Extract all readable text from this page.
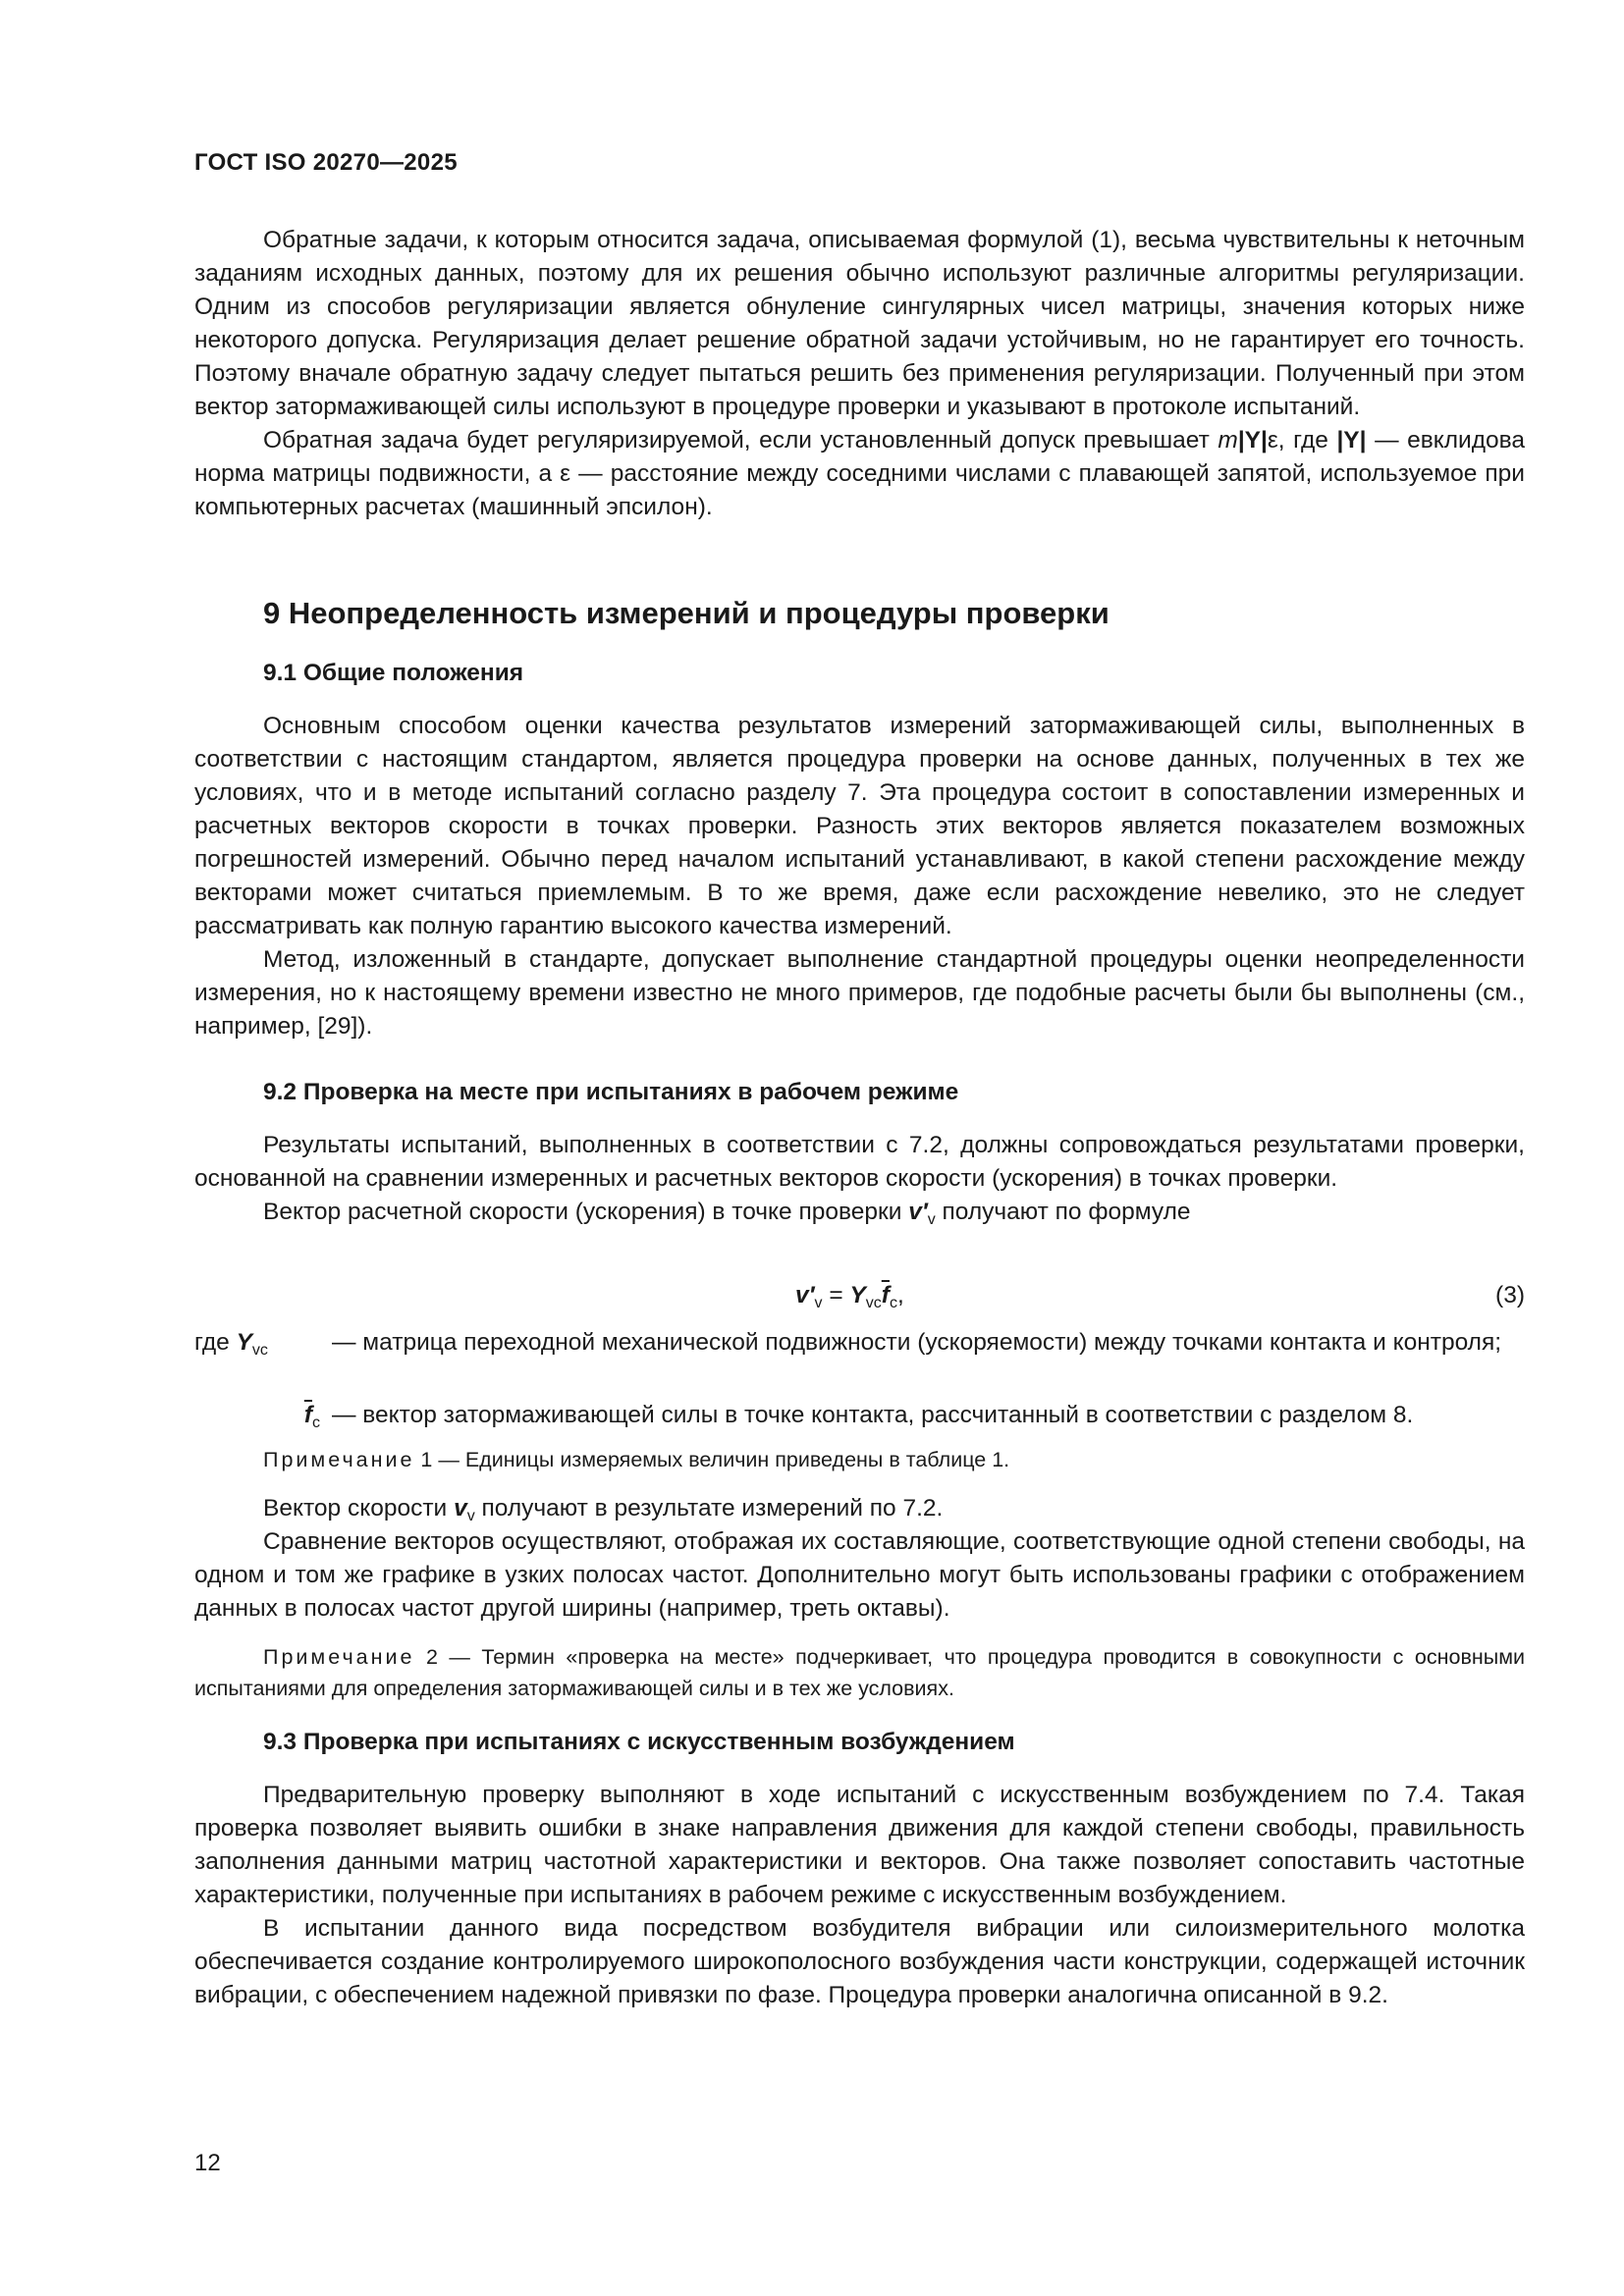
ГОСТ ISO 20270—2025

Обратные задачи, к которым относится задача, описываемая формулой (1), весьма чувствительны к неточным заданиям исходных данных, поэтому для их решения обычно используют различные алгоритмы регуляризации. Одним из способов регуляризации является обнуление сингулярных чисел матрицы, значения которых ниже некоторого допуска. Регуляризация делает решение обратной задачи устойчивым, но не гарантирует его точность. Поэтому вначале обратную задачу следует пытаться решить без применения регуляризации. Полученный при этом вектор затормаживающей силы используют в процедуре проверки и указывают в протоколе испытаний.

Обратная задача будет регуляризируемой, если установленный допуск превышает m|Y|ε, где |Y| — евклидова норма матрицы подвижности, а ε — расстояние между соседними числами с плавающей запятой, используемое при компьютерных расчетах (машинный эпсилон).

9 Неопределенность измерений и процедуры проверки
9.1 Общие положения

Основным способом оценки качества результатов измерений затормаживающей силы, выполненных в соответствии с настоящим стандартом, является процедура проверки на основе данных, полученных в тех же условиях, что и в методе испытаний согласно разделу 7. Эта процедура состоит в сопоставлении измеренных и расчетных векторов скорости в точках проверки. Разность этих векторов является показателем возможных погрешностей измерений. Обычно перед началом испытаний устанавливают, в какой степени расхождение между векторами может считаться приемлемым. В то же время, даже если расхождение невелико, это не следует рассматривать как полную гарантию высокого качества измерений.

Метод, изложенный в стандарте, допускает выполнение стандартной процедуры оценки неопределенности измерения, но к настоящему времени известно не много примеров, где подобные расчеты были бы выполнены (см., например, [29]).

9.2 Проверка на месте при испытаниях в рабочем режиме

Результаты испытаний, выполненных в соответствии с 7.2, должны сопровождаться результатами проверки, основанной на сравнении измеренных и расчетных векторов скорости (ускорения) в точках проверки.

Вектор расчетной скорости (ускорения) в точке проверки $v'_v$ получают по формуле

$v'_v = Y_{vc}\overline{f}_c$,	(3)
где $Y_{vc}$	— матрица переходной механической подвижности (ускоряемости) между точками контакта и контроля;
$\overline{f}_c$ — вектор затормаживающей силы в точке контакта, рассчитанный в соответствии с разделом 8.

Примечание 1 — Единицы измеряемых величин приведены в таблице 1.

Вектор скорости $v_v$ получают в результате измерений по 7.2.

Сравнение векторов осуществляют, отображая их составляющие, соответствующие одной степени свободы, на одном и том же графике в узких полосах частот. Дополнительно могут быть использованы графики с отображением данных в полосах частот другой ширины (например, треть октавы).

Примечание 2 — Термин «проверка на месте» подчеркивает, что процедура проводится в совокупности с основными испытаниями для определения затормаживающей силы и в тех же условиях.

9.3 Проверка при испытаниях с искусственным возбуждением

Предварительную проверку выполняют в ходе испытаний с искусственным возбуждением по 7.4. Такая проверка позволяет выявить ошибки в знаке направления движения для каждой степени свободы, правильность заполнения данными матриц частотной характеристики и векторов. Она также позволяет сопоставить частотные характеристики, полученные при испытаниях в рабочем режиме с искусственным возбуждением.

В испытании данного вида посредством возбудителя вибрации или силоизмерительного молотка обеспечивается создание контролируемого широкополосного возбуждения части конструкции, содержащей источник вибрации, с обеспечением надежной привязки по фазе. Процедура проверки аналогична описанной в 9.2.

12
